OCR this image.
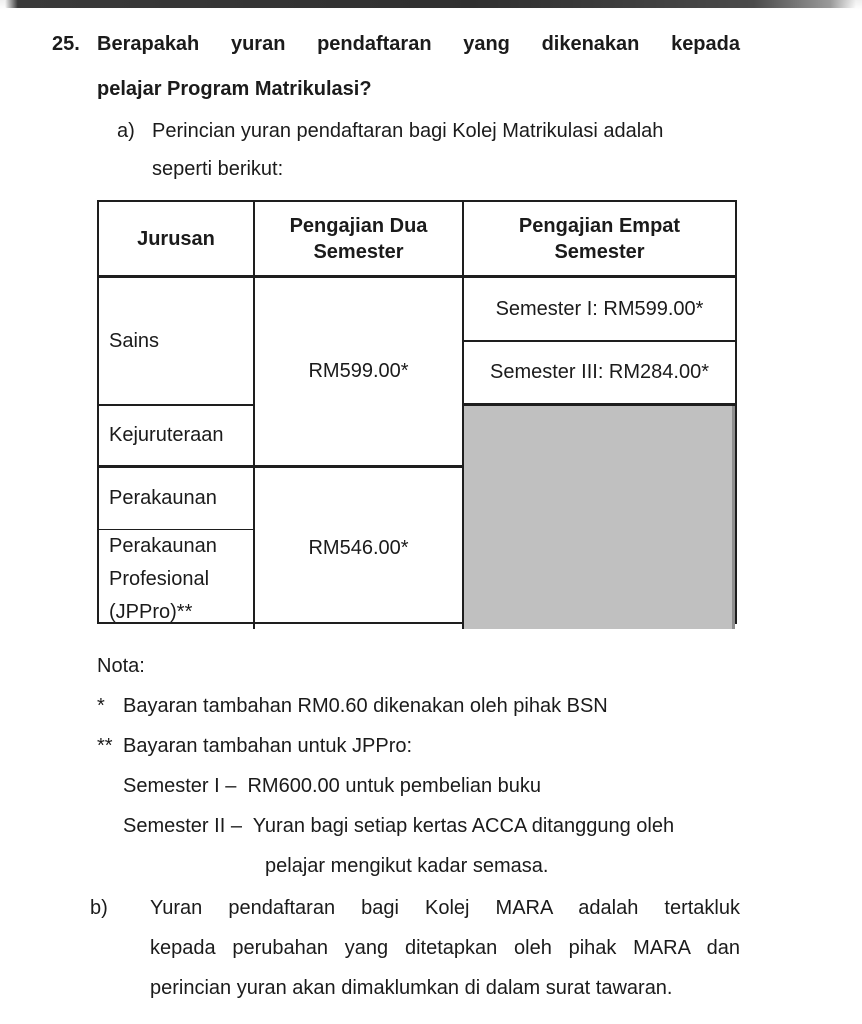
25. Berapakah yuran pendaftaran yang dikenakan kepada
pelajar Program Matrikulasi?
a) Perincian yuran pendaftaran bagi Kolej Matrikulasi adalah
seperti berikut:
Jurusan
Pengajian Dua
Semester
Pengajian Empat
Semester
Sains
Kejuruteraan
Perakaunan
Perakaunan
Profesional
(JPPro)**
RM599.00*
RM546.00*
Semester I: RM599.00*
Semester III: RM284.00*
Nota:
* Bayaran tambahan RM0.60 dikenakan oleh pihak BSN
** Bayaran tambahan untuk JPPro:
Semester I –  RM600.00 untuk pembelian buku
Semester II –  Yuran bagi setiap kertas ACCA ditanggung oleh
pelajar mengikut kadar semasa.
b)	Yuran pendaftaran bagi Kolej MARA adalah tertakluk
kepada perubahan yang ditetapkan oleh pihak MARA dan
perincian yuran akan dimaklumkan di dalam surat tawaran.
